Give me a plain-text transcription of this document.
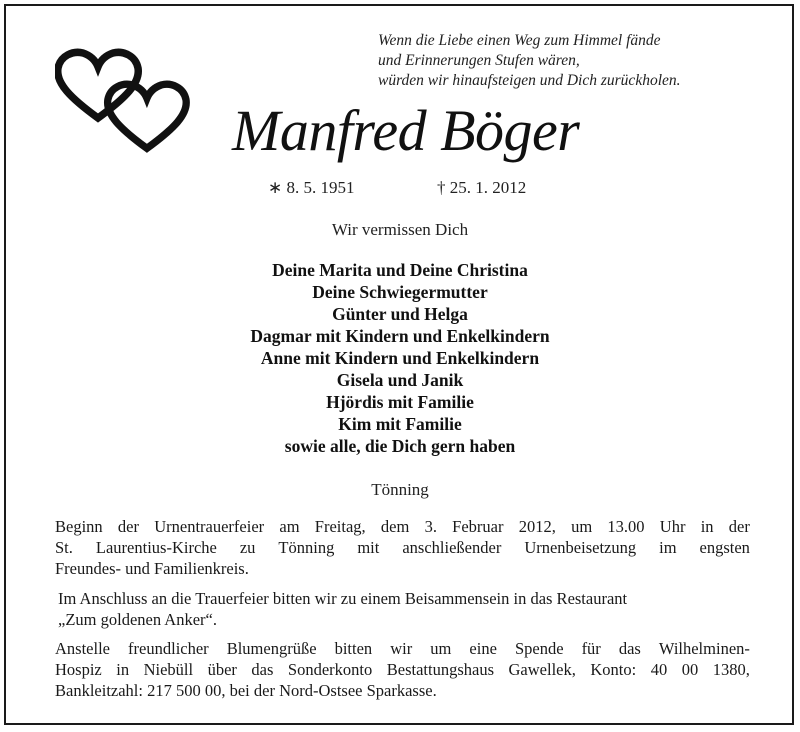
Wenn die Liebe einen Weg zum Himmel fände
und Erinnerungen Stufen wären,
würden wir hinaufsteigen und Dich zurückholen.
Manfred Böger
∗ 8. 5. 1951	† 25. 1. 2012
Wir vermissen Dich
Deine Marita und Deine Christina
Deine Schwiegermutter
Günter und Helga
Dagmar mit Kindern und Enkelkindern
Anne mit Kindern und Enkelkindern
Gisela und Janik
Hjördis mit Familie
Kim mit Familie
sowie alle, die Dich gern haben
Tönning
Beginn der Urnentrauerfeier am Freitag, dem 3. Februar 2012, um 13.00 Uhr in der
St. Laurentius-Kirche zu Tönning mit anschließender Urnenbeisetzung im engsten
Freundes- und Familienkreis.
Im Anschluss an die Trauerfeier bitten wir zu einem Beisammensein in das Restaurant
„Zum goldenen Anker“.
Anstelle freundlicher Blumengrüße bitten wir um eine Spende für das Wilhelminen-
Hospiz in Niebüll über das Sonderkonto Bestattungshaus Gawellek, Konto: 40 00 1380,
Bankleitzahl: 217 500 00, bei der Nord-Ostsee Sparkasse.
